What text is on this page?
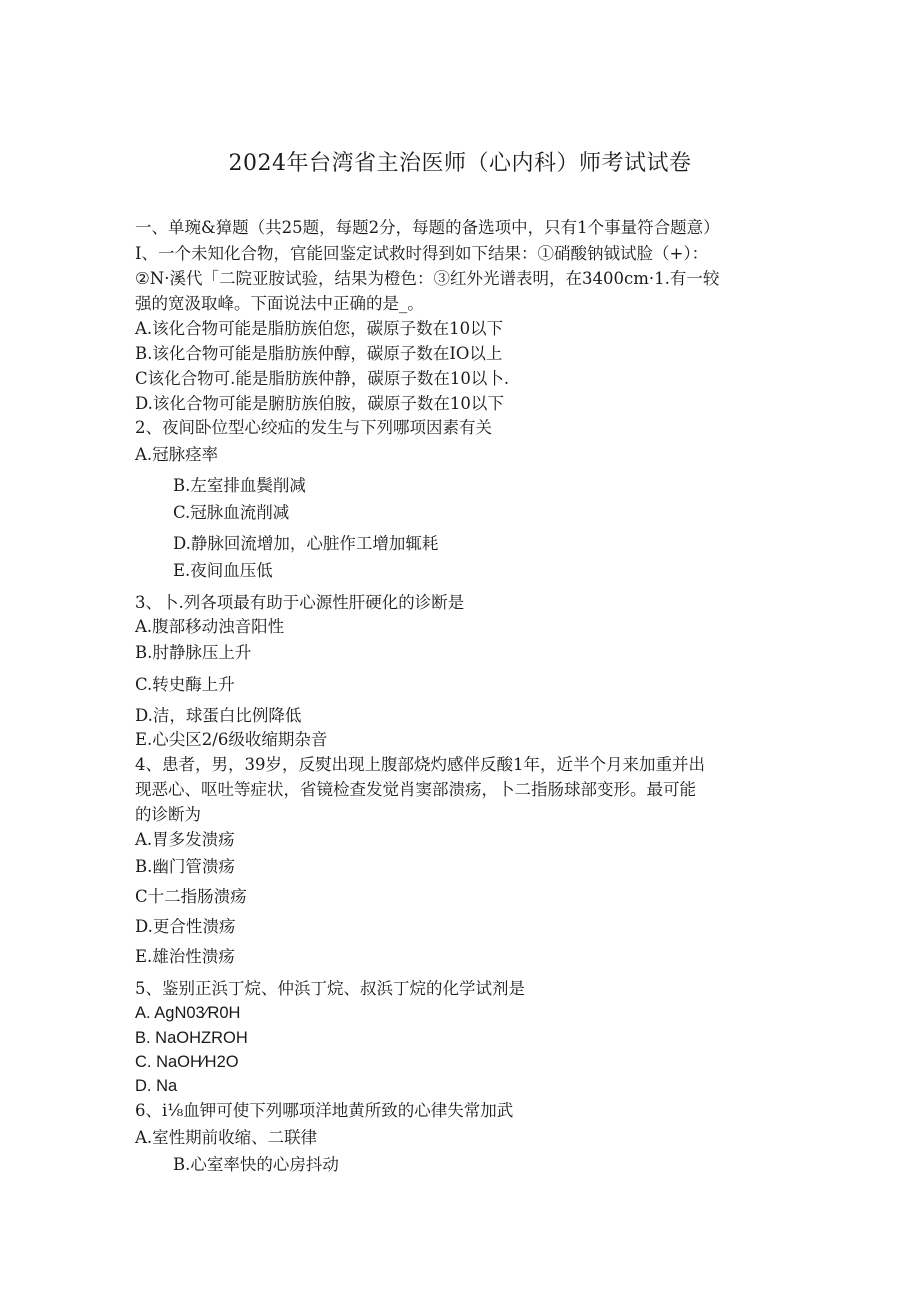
2024年台湾省主治医师（心内科）师考试试卷
一、单琬&獐题（共25题，每题2分，每题的备选项中，只有1个事量符合题意）
I、一个未知化合物，官能回鉴定试救时得到如下结果：①硝酸钠钺试脸（+）：
②N·溪代「二院亚胺试验，结果为橙色：③红外光谱表明，在3400cm·1.有一较
强的宽汲取峰。下面说法中正确的是_。
A.该化合物可能是脂肪族伯您，碳原子数在10以下
B.该化合物可能是脂肪族仲醇，碳原子数在IO以上
C该化合物可.能是脂肪族仲静，碳原子数在10以卜.
D.该化合物可能是腑肪族伯胺，碳原子数在10以下
2、夜间卧位型心绞疝的发生与下列哪项因素有关
A.冠脉痉率
B.左室排血鬓削减
C.冠脉血流削减
D.静脉回流增加，心脏作工增加辄耗
E.夜间血压低
3、卜.列各项最有助于心源性肝硬化的诊断是
A.腹部移动浊音阳性
B.肘静脉压上升
C.转史酶上升
D.洁，球蛋白比例降低
E.心尖区2/6级收缩期杂音
4、患者，男，39岁，反熨出现上腹部烧灼感伴反酸1年，近半个月来加重并出
现恶心、呕吐等症状，省镜检查发觉肖窦部溃疡，卜二指肠球部变形。最可能
的诊断为
A.胃多发溃疡
B.幽门管溃疡
C十二指肠溃疡
D.更合性溃疡
E.雄治性溃疡
5、鉴别正浜丁烷、仲浜丁烷、叔浜丁烷的化学试剂是
A. AgN03⁄R0H
B. NaOHZROH
C. NaOH⁄H2O
D. Na
6、i⅛血钾可使下列哪项洋地黄所致的心律失常加武
A.室性期前收缩、二联律
B.心室率快的心房抖动
